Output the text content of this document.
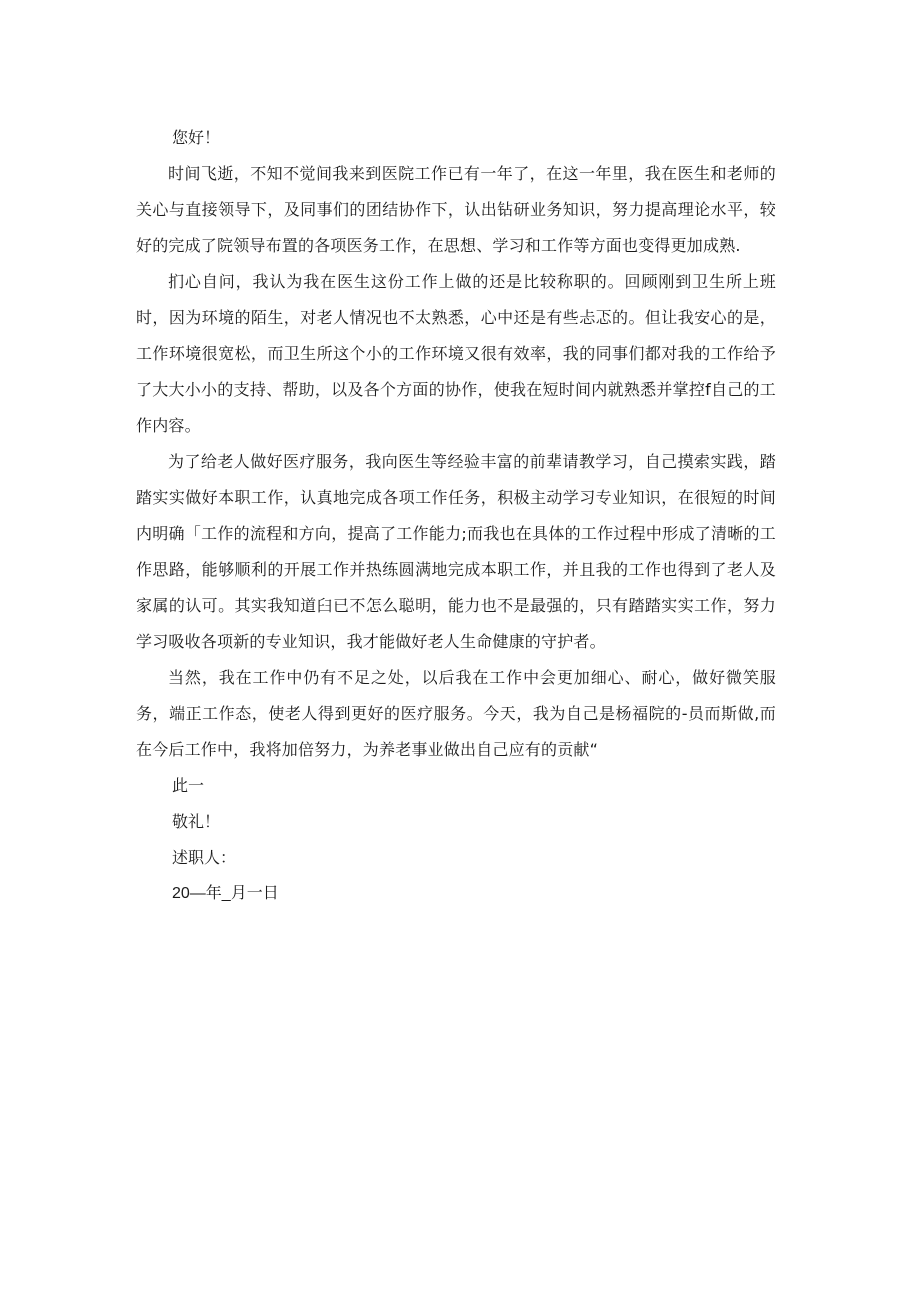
您好！

时间飞逝，不知不觉间我来到医院工作已有一年了，在这一年里，我在医生和老师的关心与直接领导下，及同事们的团结协作下，认出钻研业务知识，努力提高理论水平，较好的完成了院领导布置的各项医务工作，在思想、学习和工作等方面也变得更加成熟.

扪心自问，我认为我在医生这份工作上做的还是比较称职的。回顾刚到卫生所上班时，因为环境的陌生，对老人情况也不太熟悉，心中还是有些忐忑的。但让我安心的是，工作环境很宽松，而卫生所这个小的工作环境又很有效率，我的同事们都对我的工作给予了大大小小的支持、帮助，以及各个方面的协作，使我在短时间内就熟悉并掌控f自己的工作内容。

为了给老人做好医疗服务，我向医生等经验丰富的前辈请教学习，自己摸索实践，踏踏实实做好本职工作，认真地完成各项工作任务，积极主动学习专业知识，在很短的时间内明确「工作的流程和方向，提高了工作能力;而我也在具体的工作过程中形成了清晰的工作思路，能够顺利的开展工作并热练圆满地完成本职工作，并且我的工作也得到了老人及家属的认可。其实我知道臼已不怎么聪明，能力也不是最强的，只有踏踏实实工作，努力学习吸收各项新的专业知识，我才能做好老人生命健康的守护者。

当然，我在工作中仍有不足之处，以后我在工作中会更加细心、耐心，做好微笑服务，端正工作态，使老人得到更好的医疗服务。今天，我为自己是杨福院的-员而斯做,而在今后工作中，我将加倍努力，为养老事业做出自己应有的贡献“

此一

敬礼！

述职人：

20—年_月一日
